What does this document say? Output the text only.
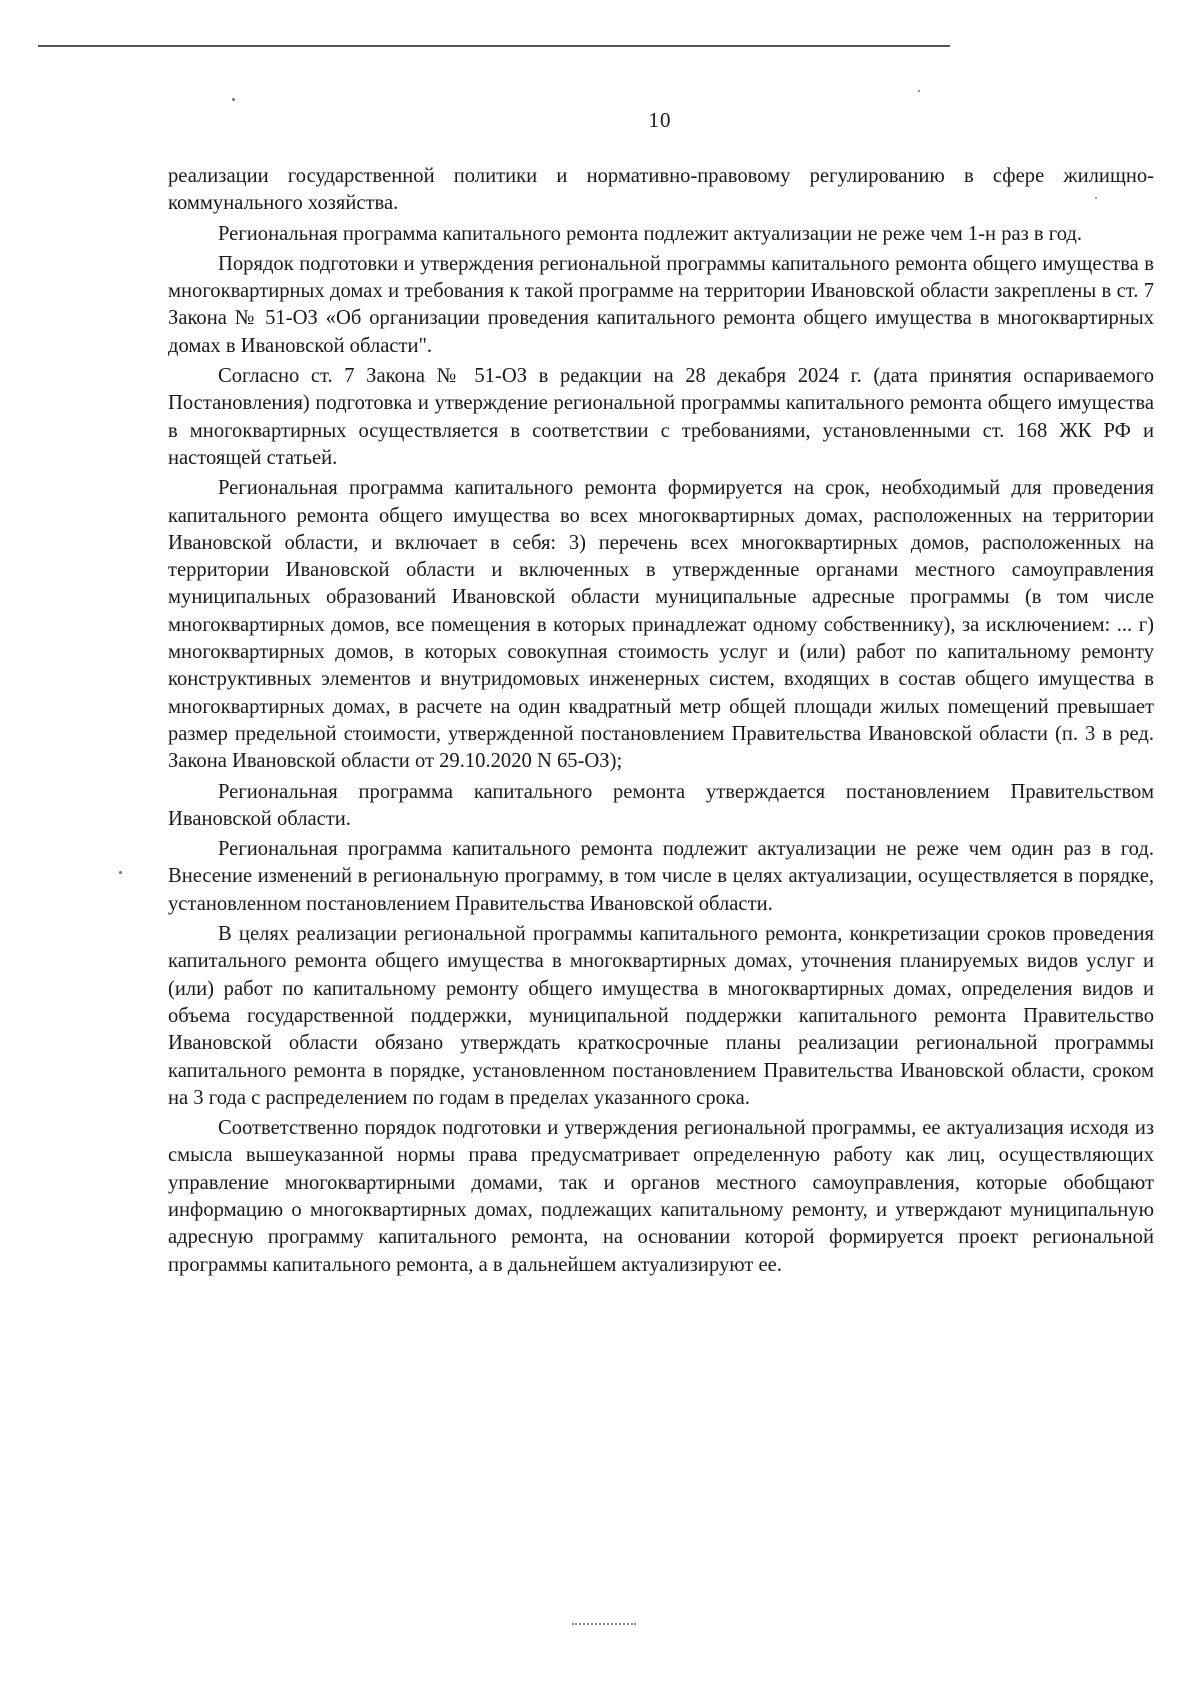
10

реализации государственной политики и нормативно-правовому регулированию в сфере жилищно-коммунального хозяйства.

Региональная программа капитального ремонта подлежит актуализации не реже чем 1-н раз в год.

Порядок подготовки и утверждения региональной программы капитального ремонта общего имущества в многоквартирных домах и требования к такой программе на территории Ивановской области закреплены в ст. 7 Закона № 51-ОЗ «Об организации проведения капитального ремонта общего имущества в многоквартирных домах в Ивановской области".

Согласно ст. 7 Закона № 51-ОЗ в редакции на 28 декабря 2024 г. (дата принятия оспариваемого Постановления) подготовка и утверждение региональной программы капитального ремонта общего имущества в многоквартирных осуществляется в соответствии с требованиями, установленными ст. 168 ЖК РФ и настоящей статьей.

Региональная программа капитального ремонта формируется на срок, необходимый для проведения капитального ремонта общего имущества во всех многоквартирных домах, расположенных на территории Ивановской области, и включает в себя: 3) перечень всех многоквартирных домов, расположенных на территории Ивановской области и включенных в утвержденные органами местного самоуправления муниципальных образований Ивановской области муниципальные адресные программы (в том числе многоквартирных домов, все помещения в которых принадлежат одному собственнику), за исключением: ... г) многоквартирных домов, в которых совокупная стоимость услуг и (или) работ по капитальному ремонту конструктивных элементов и внутридомовых инженерных систем, входящих в состав общего имущества в многоквартирных домах, в расчете на один квадратный метр общей площади жилых помещений превышает размер предельной стоимости, утвержденной постановлением Правительства Ивановской области (п. 3 в ред. Закона Ивановской области от 29.10.2020 N 65-ОЗ);

Региональная программа капитального ремонта утверждается постановлением Правительством Ивановской области.

Региональная программа капитального ремонта подлежит актуализации не реже чем один раз в год. Внесение изменений в региональную программу, в том числе в целях актуализации, осуществляется в порядке, установленном постановлением Правительства Ивановской области.

В целях реализации региональной программы капитального ремонта, конкретизации сроков проведения капитального ремонта общего имущества в многоквартирных домах, уточнения планируемых видов услуг и (или) работ по капитальному ремонту общего имущества в многоквартирных домах, определения видов и объема государственной поддержки, муниципальной поддержки капитального ремонта Правительство Ивановской области обязано утверждать краткосрочные планы реализации региональной программы капитального ремонта в порядке, установленном постановлением Правительства Ивановской области, сроком на 3 года с распределением по годам в пределах указанного срока.

Соответственно порядок подготовки и утверждения региональной программы, ее актуализация исходя из смысла вышеуказанной нормы права предусматривает определенную работу как лиц, осуществляющих управление многоквартирными домами, так и органов местного самоуправления, которые обобщают информацию о многоквартирных домах, подлежащих капитальному ремонту, и утверждают муниципальную адресную программу капитального ремонта, на основании которой формируется проект региональной программы капитального ремонта, а в дальнейшем актуализируют ее.
